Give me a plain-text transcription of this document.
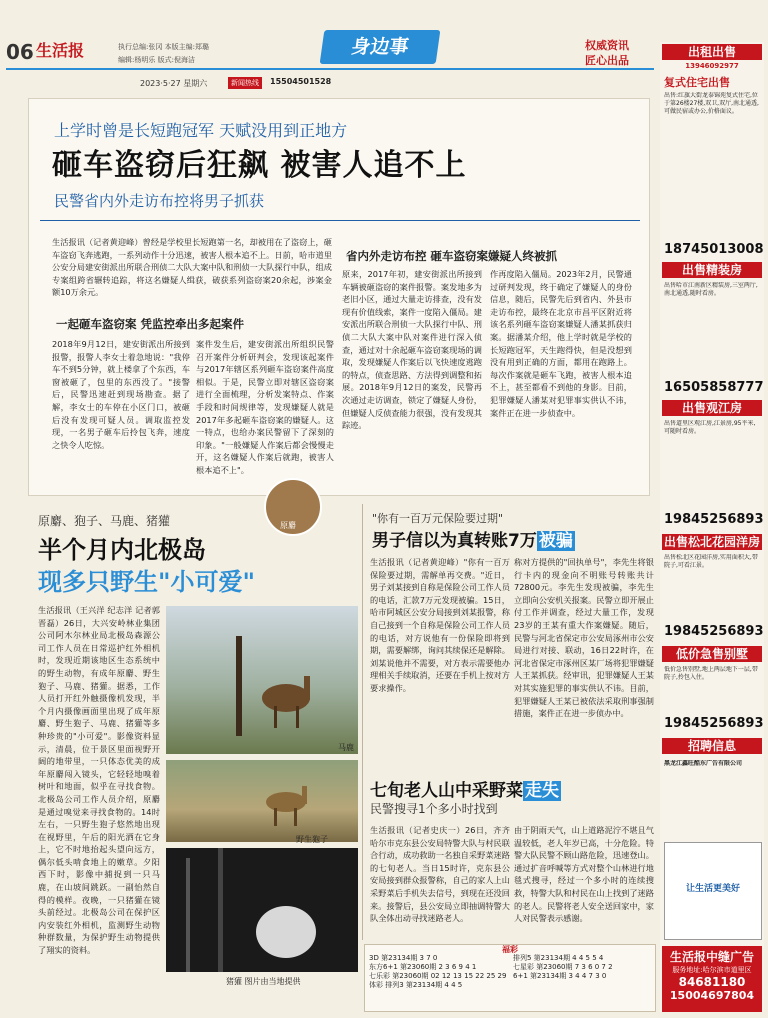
06 生活报	执行总编:张冈 本版主编:郑璐
编辑:杨明乐 版式:倪海洁
身边事	权威资讯
匠心出品
2023·5·27 星期六	新闻热线	15504501528
上学时曾是长短跑冠军 天赋没用到正地方
砸车盗窃后狂飙 被害人追不上
民警省内外走访布控将男子抓获
生活报讯（记者黄迎峰）曾经是学校里长短跑第一名，却被用在了盗窃上，砸车盗窃飞奔逃跑，一系列动作十分迅速，被害人根本追不上。日前，哈市道里公安分局建安街派出所联合刑侦二大队大案中队和刑侦一大队探行中队，组成专案组跨省辗转追踪，将这名嫌疑人缉获，破获系列盗窃案20余起，涉案金额10万余元。
一起砸车盗窃案 凭监控牵出多起案件
2018年9月12日，建安街派出所接到报警，报警人李女士着急地说："我停车不到5分钟，就上楼拿了个东西，车窗被砸了，包里的东西没了。"接警后，民警迅速赶到现场勘查。据了解，李女士的车停在小区门口，被砸后没有发现可疑人员。调取监控发现，一名男子砸车后拎包飞奔，速度之快令人吃惊。
案件发生后，建安街派出所组织民警召开案件分析研判会，发现该起案件与2017年辖区系列砸车盗窃案件高度相似。于是，民警立即对辖区盗窃案进行全面梳理，分析发案特点、作案手段和时间规律等，发现嫌疑人就是2017年多起砸车盗窃案的嫌疑人。这一特点，也给办案民警留下了深刻的印象。"一般嫌疑人作案后都会慢慢走开，这名嫌疑人作案后就跑，被害人根本追不上"。
省内外走访布控 砸车盗窃案嫌疑人终被抓
原来，2017年初，建安街派出所接到车辆被砸盗窃的案件报警。案发地多为老旧小区，通过大量走访排查，没有发现有价值线索，案件一度陷入僵局。建安派出所联合刑侦一大队探行中队、刑侦二大队大案中队对案件进行深入侦查，通过对十余起砸车盗窃案现场的调取，发现嫌疑人作案后以飞快速度逃跑的特点，侦查思路、方法得到调整和拓展。2018年9月12日的案发，民警再次通过走访调查，锁定了嫌疑人身份，但嫌疑人反侦查能力很强，没有发现其踪迹。
作再度陷入僵局。2023年2月，民警通过研判发现，终于确定了嫌疑人的身份信息，随后，民警先后到省内、外县市走访布控，最终在北京市昌平区附近将该名系列砸车盗窃案嫌疑人潘某抓获归案。据潘某介绍，他上学时就是学校的长短跑冠军，天生跑得快，但是没想到没有用到正确的方面，都用在跑路上。每次作案就是砸车飞跑，被害人根本追不上，甚至都看不到他的身影。目前，犯罪嫌疑人潘某对犯罪事实供认不讳，案件正在进一步侦查中。
原麝、狍子、马鹿、猪獾
半个月内北极岛
现多只野生"小可爱"
原麝
生活报讯（王兴洋 纪志洋 记者郭晋磊）26日，大兴安岭林业集团公司阿木尔林业局北极岛森源公司工作人员在日常巡护红外相机时，发现近期该地区生态系统中的野生动物，有成年原麝、野生狍子、马鹿、猪獾。据悉，工作人员打开红外触摄像机发现，半个月内摄像画面里出现了成年原麝、野生狍子、马鹿、猪獾等多种珍贵的"小可爱"。影像资料显示，清晨，位于景区里面视野开阔的地带里，一只体态优美的成年原麝闯入镜头，它轻轻地嗅着树叶和地面，似乎在寻找食物。北极岛公司工作人员介绍，原麝是通过嗅觉来寻找食物的。14时左右，一只野生狍子悠然地出现在视野里，午后的阳光洒在它身上，它不时地抬起头望向远方，偶尔低头啃食地上的嫩草。夕阳西下时，影像中捕捉到一只马鹿，在山坡间跳跃。一副怡然自得的模样。夜晚，一只猪獾在镜头前经过。北极岛公司在保护区内安装红外相机，监测野生动物种群数量，为保护野生动物提供了翔实的资料。
马鹿
野生狍子
猪獾 图片由当地提供
"你有一百万元保险要过期"
男子信以为真转账7万 被骗
生活报讯（记者黄迎峰）"你有一百万保险要过期，需解单再交费。"近日，男子刘某接到自称是保险公司工作人员的电话，汇款7万元发现被骗。15日，哈市阿城区公安分局接到刘某报警，称自己接到一个自称是保险公司工作人员的电话，对方说他有一份保险即将到期，需要解绑，询问其续保还是解除。刘某说他并不需要，对方表示需要他办理相关手续取消，还要在手机上按对方要求操作。
称对方提供的"回执单号"，李先生将银行卡内的现金向不明账号转账共计72800元。李先生发现被骗，李先生立即向公安机关报案。民警立即开展止付工作并调查，经过大量工作，发现23岁的王某有重大作案嫌疑。随后，民警与河北省保定市公安局涿州市公安局进行对接、联动，16日22时许，在河北省保定市涿州区某厂场将犯罪嫌疑人王某抓获。经审讯，犯罪嫌疑人王某对其实施犯罪的事实供认不讳。目前，犯罪嫌疑人王某已被依法采取刑事强制措施，案件正在进一步侦办中。
七旬老人山中采野菜 走失
民警搜寻1个多小时找到
生活报讯（记者史庆一）26日，齐齐哈尔市克东县公安局特警大队与村民联合行动，成功救助一名独自采野菜迷路的七旬老人。当日15时许，克东县公安局接到群众报警称，自己的家人上山采野菜后手机失去信号，到现在还没回来。接警后，县公安局立即抽调特警大队全体出动寻找迷路老人。
由于阴雨天气，山上道路泥泞不堪且气温较低，老人年岁已高，十分危险。特警大队民警不顾山路危险，迅速登山。通过扩音呼喊等方式对整个山林进行地毯式搜寻，经过一个多小时的连续搜救，特警大队和村民在山上找到了迷路的老人。民警将老人安全送回家中，家人对民警表示感谢。
福彩
3D 第23134期 3 7 0
东方6+1 第23060期 2 3 6 9 4 1
七乐彩 第23060期 02 12 13 15 22 25 29
体彩 排列3 第23134期 4 4 5
排列5 第23134期 4 4 5 5 4
七星彩 第23060期 7 3 6 0 7 2
6+1 第23134期 3 4 4 7 3 0
出租出售
13946092977
复式住宅出售
出售:红旗大街龙泰锦苑复式住宅,位于第26楼27楼,双卫,双厅,南北通透,可做民宿或办公,价格面议。
18745013008
出售精装房
出售哈市江南新区精装房,三室两厅,南北通透,随时看房。
16505858777
出售观江房
出售道里区观江房,江景房,95平米,可随时看房。
19845256893
出售松北花园洋房
出售松北区花园洋房,实用面积大,带院子,可看江景。
19845256893
低价急售别墅
低价急售别墅,地上两层地下一层,带院子,拎包入住。
19845256893
招聘信息
黑龙江鑫旺酷东广告有限公司
让生活更美好
生活报中缝广告
服务地址:哈尔滨市道里区
84681180
15004697804
